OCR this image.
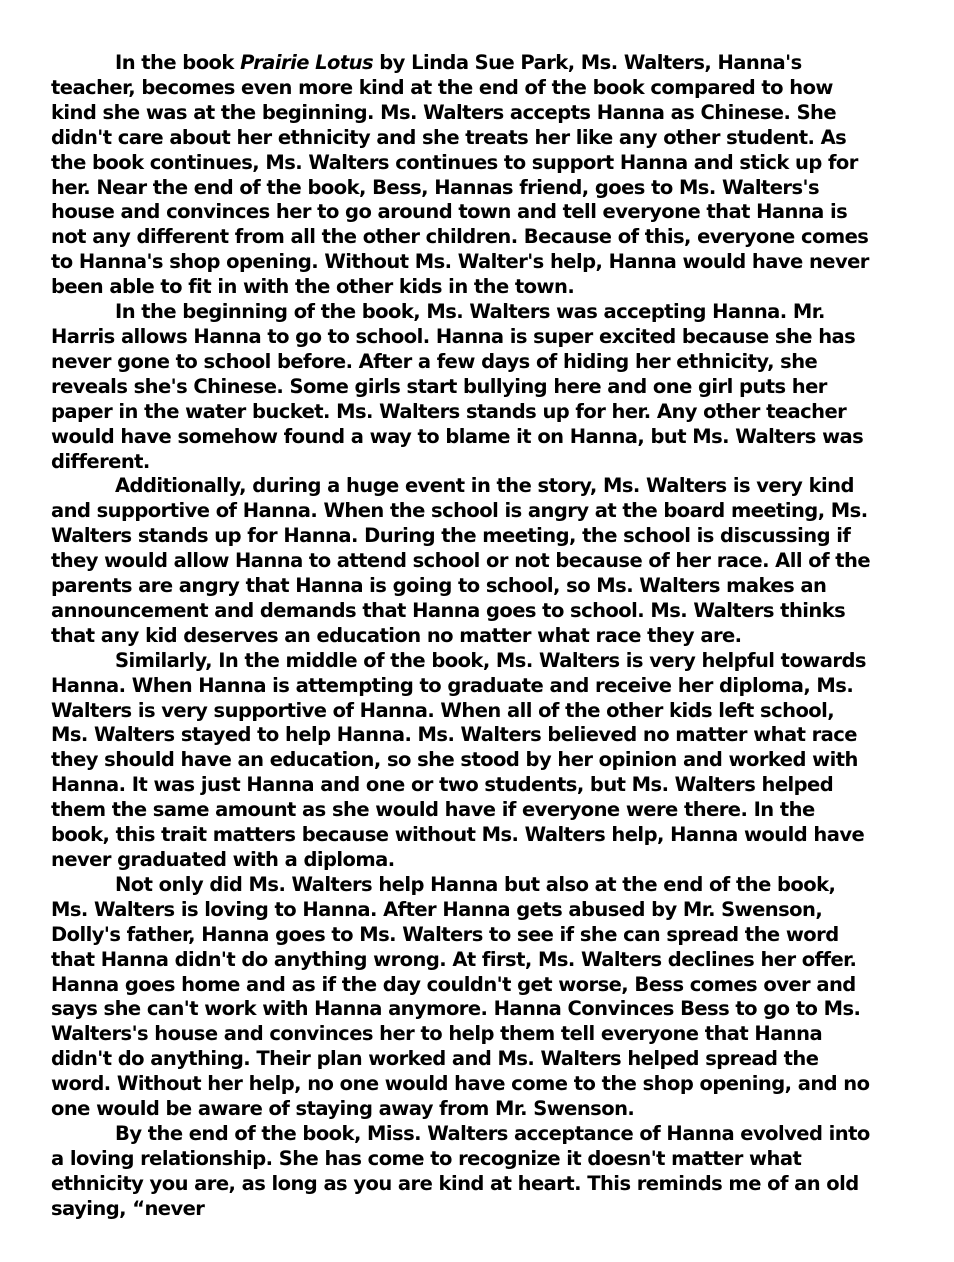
In the book Prairie Lotus by Linda Sue Park, Ms. Walters, Hanna's teacher, becomes even more kind at the end of the book compared to how kind she was at the beginning. Ms. Walters accepts Hanna as Chinese. She didn't care about her ethnicity and she treats her like any other student. As the book continues, Ms. Walters continues to support Hanna and stick up for her. Near the end of the book, Bess, Hannas friend, goes to Ms. Walters's house and convinces her to go around town and tell everyone that Hanna is not any different from all the other children. Because of this, everyone comes to Hanna's shop opening. Without Ms. Walter's help, Hanna would have never been able to fit in with the other kids in the town.

In the beginning of the book, Ms. Walters was accepting Hanna. Mr. Harris allows Hanna to go to school. Hanna is super excited because she has never gone to school before. After a few days of hiding her ethnicity, she reveals she's Chinese. Some girls start bullying here and one girl puts her paper in the water bucket. Ms. Walters stands up for her. Any other teacher would have somehow found a way to blame it on Hanna, but Ms. Walters was different.

Additionally, during a huge event in the story, Ms. Walters is very kind and supportive of Hanna. When the school is angry at the board meeting, Ms. Walters stands up for Hanna. During the meeting, the school is discussing if they would allow Hanna to attend school or not because of her race. All of the parents are angry that Hanna is going to school, so Ms. Walters makes an announcement and demands that Hanna goes to school. Ms. Walters thinks that any kid deserves an education no matter what race they are.

Similarly, In the middle of the book, Ms. Walters is very helpful towards Hanna. When Hanna is attempting to graduate and receive her diploma, Ms. Walters is very supportive of Hanna. When all of the other kids left school, Ms. Walters stayed to help Hanna. Ms. Walters believed no matter what race they should have an education, so she stood by her opinion and worked with Hanna. It was just Hanna and one or two students, but Ms. Walters helped them the same amount as she would have if everyone were there. In the book, this trait matters because without Ms. Walters help, Hanna would have never graduated with a diploma.

Not only did Ms. Walters help Hanna but also at the end of the book, Ms. Walters is loving to Hanna. After Hanna gets abused by Mr. Swenson, Dolly's father, Hanna goes to Ms. Walters to see if she can spread the word that Hanna didn't do anything wrong. At first, Ms. Walters declines her offer. Hanna goes home and as if the day couldn't get worse, Bess comes over and says she can't work with Hanna anymore. Hanna Convinces Bess to go to Ms. Walters's house and convinces her to help them tell everyone that Hanna didn't do anything. Their plan worked and Ms. Walters helped spread the word. Without her help, no one would have come to the shop opening, and no one would be aware of staying away from Mr. Swenson.

By the end of the book, Miss. Walters acceptance of Hanna evolved into a loving relationship. She has come to recognize it doesn't matter what ethnicity you are, as long as you are kind at heart. This reminds me of an old saying, “never
